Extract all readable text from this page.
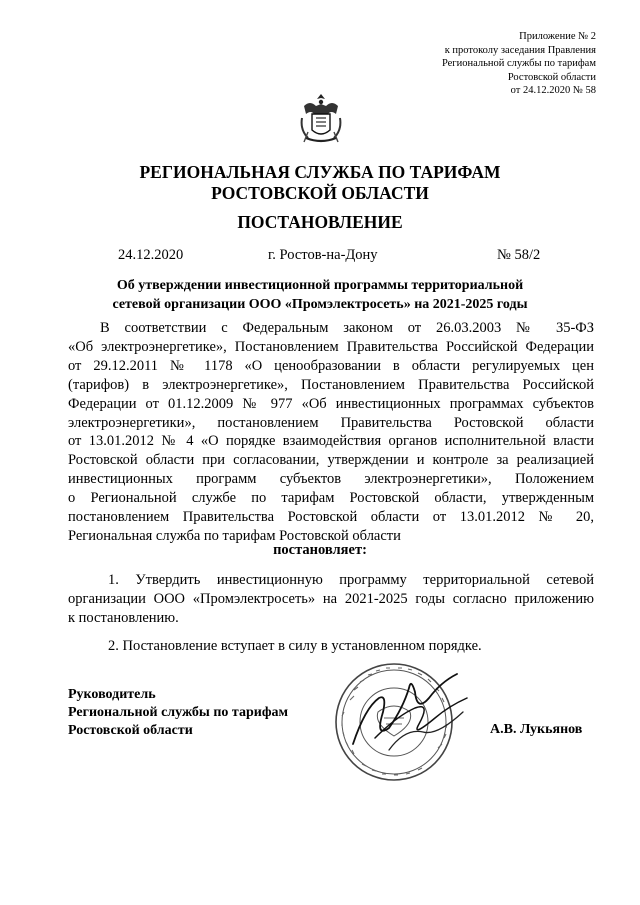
Приложение № 2
к протоколу заседания Правления
Региональной службы по тарифам
Ростовской области
от 24.12.2020 № 58
РЕГИОНАЛЬНАЯ СЛУЖБА ПО ТАРИФАМ
РОСТОВСКОЙ ОБЛАСТИ
ПОСТАНОВЛЕНИЕ
24.12.2020	г. Ростов-на-Дону	№ 58/2
Об утверждении инвестиционной программы территориальной
сетевой организации ООО «Промэлектросеть» на 2021-2025 годы
В соответствии с Федеральным законом от 26.03.2003 № 35-ФЗ
«Об электроэнергетике», Постановлением Правительства Российской Федерации
от 29.12.2011 № 1178 «О ценообразовании в области регулируемых цен
(тарифов) в электроэнергетике», Постановлением Правительства Российской
Федерации от 01.12.2009 № 977 «Об инвестиционных программах субъектов
электроэнергетики», постановлением Правительства Ростовской области
от 13.01.2012 № 4 «О порядке взаимодействия органов исполнительной власти
Ростовской области при согласовании, утверждении и контроле за реализацией
инвестиционных программ субъектов электроэнергетики», Положением
о Региональной службе по тарифам Ростовской области, утвержденным
постановлением Правительства Ростовской области от 13.01.2012 № 20,
Региональная служба по тарифам Ростовской области
постановляет:
1. Утвердить инвестиционную программу территориальной сетевой
организации ООО «Промэлектросеть» на 2021-2025 годы согласно приложению
к постановлению.
2. Постановление вступает в силу в установленном порядке.
Руководитель
Региональной службы по тарифам
Ростовской области	А.В. Лукьянов
